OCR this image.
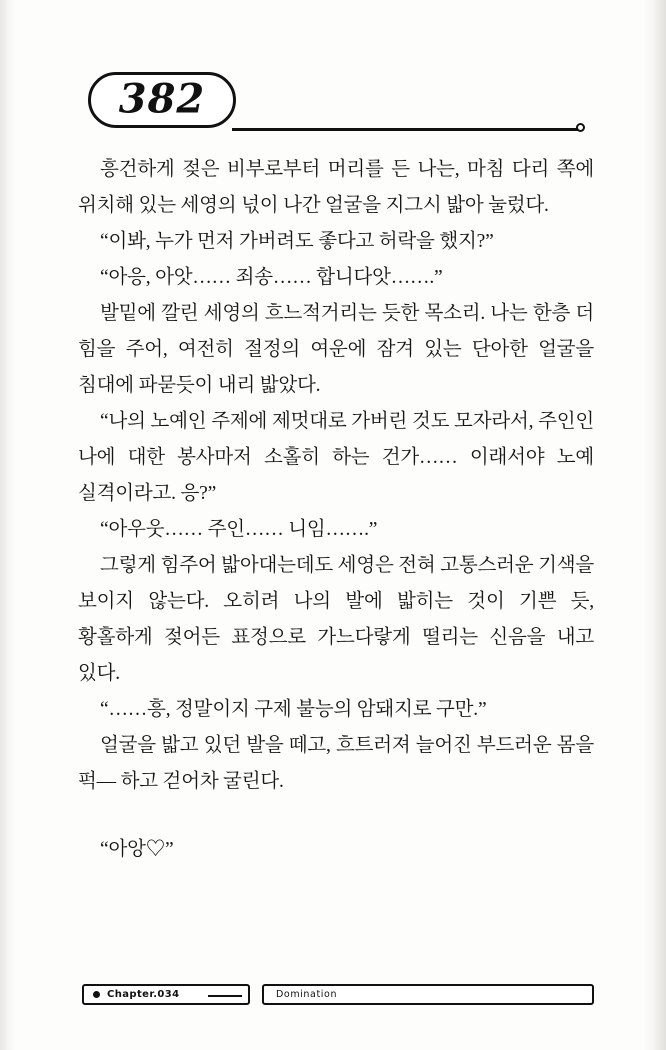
382

흥건하게 젖은 비부로부터 머리를 든 나는, 마침 다리 쪽에 위치해 있는 세영의 넋이 나간 얼굴을 지그시 밟아 눌렀다.

“이봐, 누가 먼저 가버려도 좋다고 허락을 했지?”

“아응, 아앗…… 죄송…… 합니다앗…….”

발밑에 깔린 세영의 흐느적거리는 듯한 목소리. 나는 한층 더 힘을 주어, 여전히 절정의 여운에 잠겨 있는 단아한 얼굴을 침대에 파묻듯이 내리 밟았다.

“나의 노예인 주제에 제멋대로 가버린 것도 모자라서, 주인인 나에 대한 봉사마저 소홀히 하는 건가…… 이래서야 노예 실격이라고. 응?”

“아우웃…… 주인…… 니임…….”

그렇게 힘주어 밟아대는데도 세영은 전혀 고통스러운 기색을 보이지 않는다. 오히려 나의 발에 밟히는 것이 기쁜 듯, 황홀하게 젖어든 표정으로 가느다랗게 떨리는 신음을 내고 있다.

“……흥, 정말이지 구제 불능의 암돼지로 구만.”

얼굴을 밟고 있던 발을 떼고, 흐트러져 늘어진 부드러운 몸을 퍽— 하고 걷어차 굴린다.

“아앙♡”

Chapter.034	Domination
